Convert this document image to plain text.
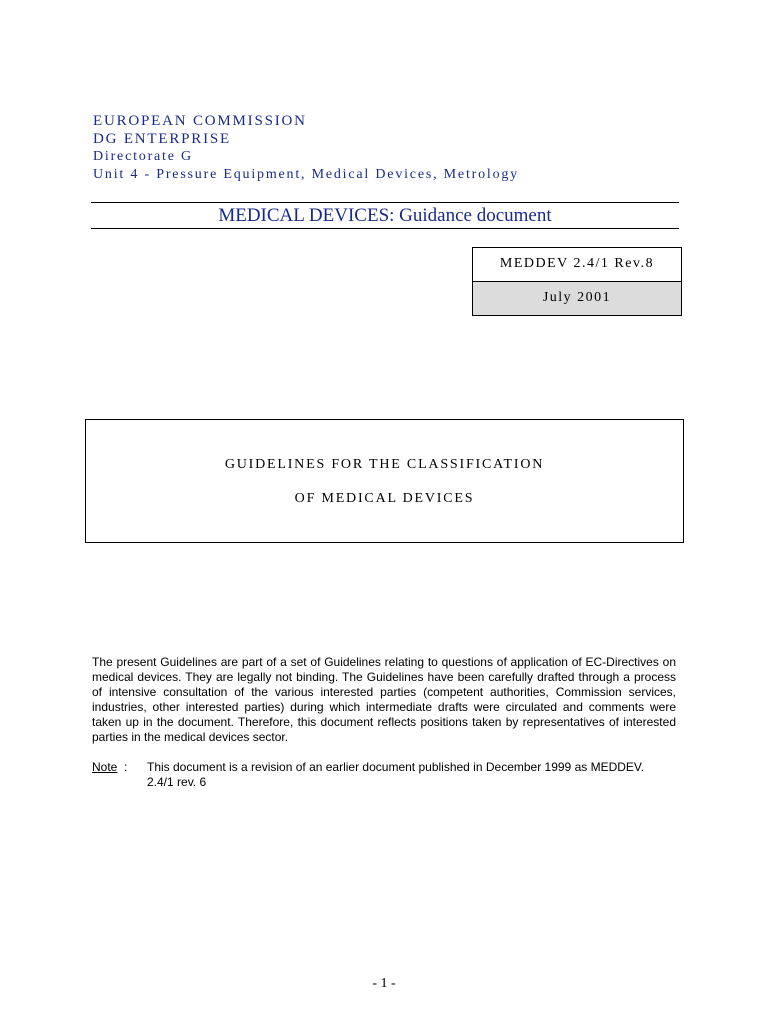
EUROPEAN COMMISSION
DG ENTERPRISE
Directorate G
Unit 4 - Pressure Equipment, Medical Devices, Metrology
MEDICAL DEVICES: Guidance document
MEDDEV 2.4/1 Rev.8
July 2001
GUIDELINES FOR THE CLASSIFICATION
OF MEDICAL DEVICES

The present Guidelines are part of a set of Guidelines relating to questions of application of EC-Directives on medical devices. They are legally not binding. The Guidelines have been carefully drafted through a process of intensive consultation of the various interested parties (competent authorities, Commission services, industries, other interested parties) during which intermediate drafts were circulated and comments were taken up in the document. Therefore, this document reflects positions taken by representatives of interested parties in the medical devices sector.

Note : This document is a revision of an earlier document published in December 1999 as MEDDEV. 2.4/1 rev. 6
- 1 -
